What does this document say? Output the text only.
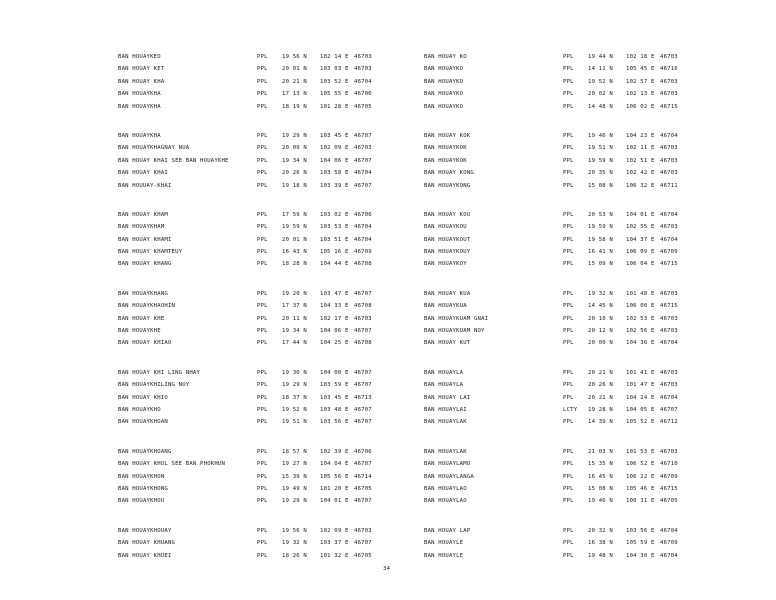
BAN HOUAYKEO	PPL	19 56 N 102 14 E 46703
BAN HOUAY KET	PPL	20 01 N 103 03 E 46703
BAN HOUAY KHA	PPL	20 21 N 103 52 E 46704
BAN HOUAYKHA	PPL	17 13 N 105 55 E 46706
BAN HOUAYKHA	PPL	18 19 N 101 28 E 46705
BAN HOUAYKHA	PPL	19 29 N 103 45 E 46707
BAN HOUAYKHAGNAY NUA	PPL	20 09 N 102 09 E 46703
BAN HOUAY KHAI SEE BAN HOUAYKHE	PPL	19 34 N 104 06 E 46707
BAN HOUAY KHAI	PPL	20 26 N 103 58 E 46704
BAN HOUUAY-KHAI	PPL	19 18 N 103 39 E 46707
BAN HOUAY KHAM	PPL	17 59 N 103 02 E 46706
BAN HOUAYKHAM	PPL	19 59 N 103 53 E 46704
BAN HOUAY KHAMI	PPL	20 01 N 103 51 E 46704
BAN HOUAY KHAMTEUY	PPL	16 43 N 105 16 E 46709
BAN HOUAY KHANG	PPL	18 28 N 104 44 E 46708
BAN HOUAYKHANG	PPL	19 20 N 103 47 E 46707
BAN HOUAYKHAOHIN	PPL	17 37 N 104 33 E 46708
BAN HOUAY KHE	PPL	20 11 N 102 17 E 46703
BAN HOUAYKHE	PPL	19 34 N 104 06 E 46707
BAN HOUAY KHIAO	PPL	17 44 N 104 25 E 46708
BAN HOUAY KHI LING NHAY	PPL	19 30 N 104 00 E 46707
BAN HOUAYKHILING NOY	PPL	19 29 N 103 59 E 46707
BAN HOUAY KHIO	PPL	18 37 N 103 45 E 46713
BAN HOUAYKHO	PPL	19 52 N 103 48 E 46707
BAN HOUAYKHOAN	PPL	19 51 N 103 56 E 46707
BAN HOUAYKHOANG	PPL	18 57 N 102 39 E 46706
BAN HOUAY KHOL SEE BAN PHOKHUN	PPL	19 27 N 104 04 E 46707
BAN HOUAYKHON	PPL	15 39 N 105 56 E 46714
BAN HOUAYKHONG	PPL	19 49 N 101 20 E 46705
BAN HOUAYKHOU	PPL	19 29 N 104 01 E 46707
BAN HOUAYKHOUAY	PPL	19 56 N 102 09 E 46703
BAN HOUAY KHUANG	PPL	19 32 N 103 37 E 46707
BAN HOUAY KHUEI	PPL	18 26 N 101 32 E 46705
BAN HOUAY KO	PPL	19 44 N 102 18 E 46703
BAN HOUAYKO	PPL	14 11 N 105 45 E 46716
BAN HOUAYKO	PPL	19 52 N 102 57 E 46703
BAN HOUAYKO	PPL	20 02 N 102 13 E 46703
BAN HOUAYKO	PPL	14 48 N 106 02 E 46715
BAN HOUAY KOK	PPL	19 46 N 104 23 E 46704
BAN HOUAYKOK	PPL	19 51 N 102 11 E 46703
BAN HOUAYKOK	PPL	19 59 N 102 51 E 46703
BAN HOUAY KONG	PPL	20 35 N 102 42 E 46703
BAN HOUAYKONG	PPL	15 08 N 106 32 E 46711
BAN HOUAY KOU	PPL	20 53 N 104 01 E 46704
BAN HOUAYKOU	PPL	19 59 N 102 55 E 46703
BAN HOUAYKOUT	PPL	19 58 N 104 37 E 46704
BAN HOUAYKOUY	PPL	16 41 N 106 09 E 46709
BAN HOUAYKOY	PPL	15 09 N 106 04 E 46715
BAN HOUAY KUA	PPL	19 32 N 101 48 E 46703
BAN HOUAYKUA	PPL	14 45 N 106 00 E 46715
BAN HOUAYKUAM GNAI	PPL	20 10 N 102 53 E 46703
BAN HOUAYKUAM NOY	PPL	20 12 N 102 56 E 46703
BAN HOUAY KUT	PPL	20 00 N 104 36 E 46704
BAN HOUAYLA	PPL	20 21 N 101 41 E 46703
BAN HOUAYLA	PPL	20 26 N 101 47 E 46703
BAN HOUAY LAI	PPL	20 21 N 104 24 E 46704
BAN HOUAYLAI	LCTY 19 28 N 104 05 E 46707
BAN HOUAYLAK	PPL	14 39 N 105 52 E 46712
BAN HOUAYLAK	PPL	21 03 N 101 53 E 46703
BAN HOUAYLAMO	PPL	15 35 N 106 52 E 46710
BAN HOUAYLANGA	PPL	16 45 N 106 22 E 46709
BAN HOUAYLAO	PPL	15 08 N 105 46 E 46715
BAN HOUAYLAO	PPL	19 46 N 100 31 E 46705
BAN HOUAY LAP	PPL	20 32 N 103 56 E 46704
BAN HOUAYLE	PPL	16 38 N 105 59 E 46709
BAN HOUAYLE	PPL	19 48 N 104 30 E 46704
34
